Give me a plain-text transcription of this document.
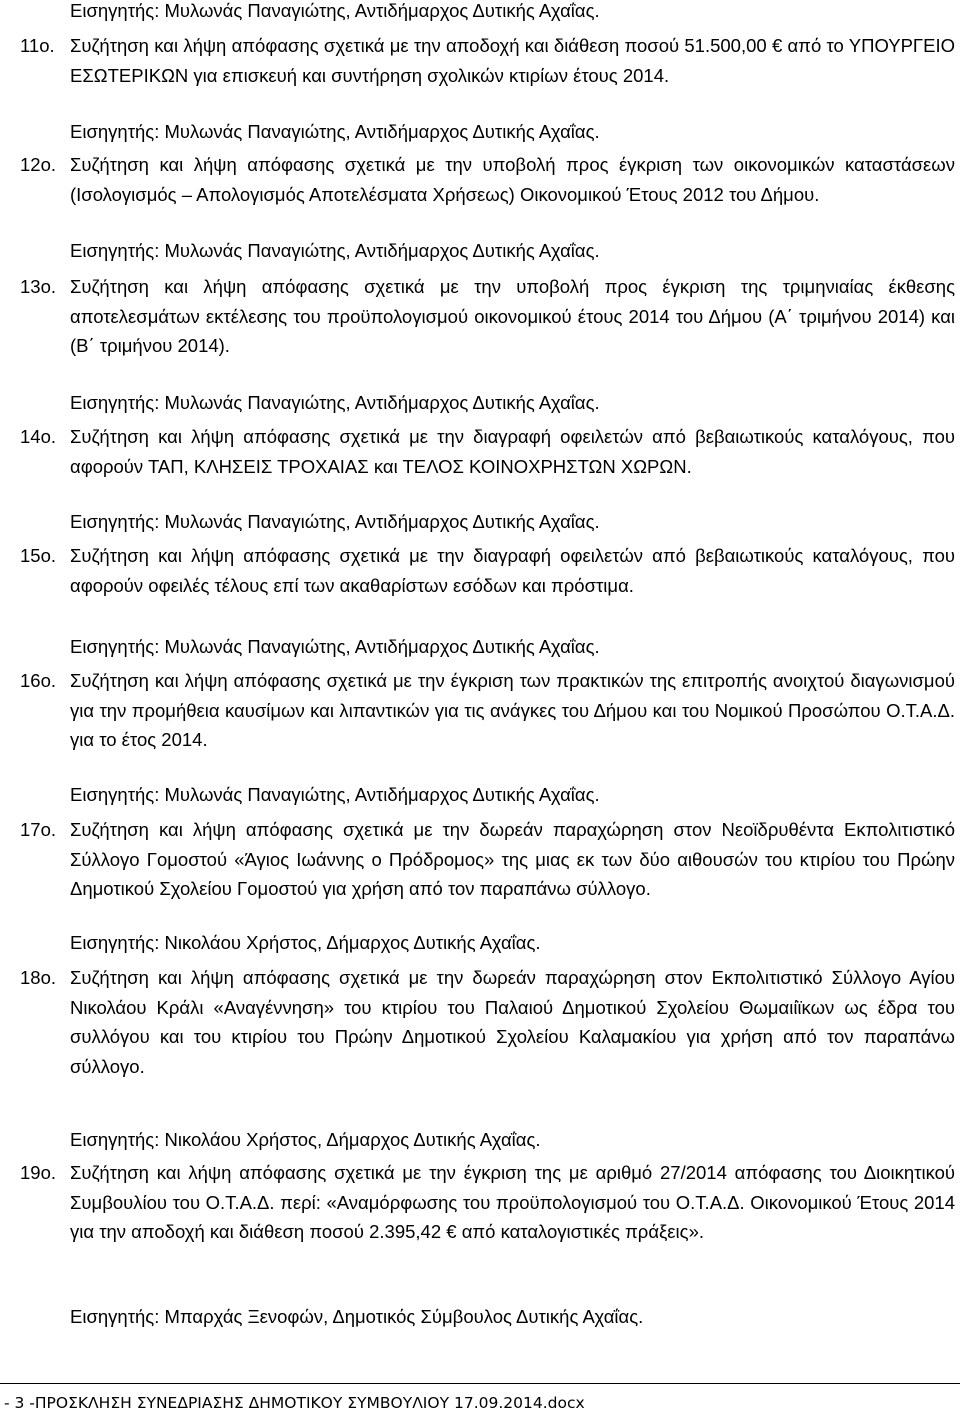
Εισηγητής: Μυλωνάς Παναγιώτης, Αντιδήμαρχος Δυτικής Αχαΐας.
11ο. Συζήτηση και λήψη απόφασης σχετικά με την αποδοχή και διάθεση ποσού 51.500,00 € από το ΥΠΟΥΡΓΕΙΟ ΕΣΩΤΕΡΙΚΩΝ για επισκευή και συντήρηση σχολικών κτιρίων έτους 2014.
Εισηγητής: Μυλωνάς Παναγιώτης, Αντιδήμαρχος Δυτικής Αχαΐας.
12ο. Συζήτηση και λήψη απόφασης σχετικά με την υποβολή προς έγκριση των οικονομικών καταστάσεων (Ισολογισμός – Απολογισμός Αποτελέσματα Χρήσεως) Οικονομικού Έτους 2012 του Δήμου.
Εισηγητής: Μυλωνάς Παναγιώτης, Αντιδήμαρχος Δυτικής Αχαΐας.
13ο. Συζήτηση και λήψη απόφασης σχετικά με την υποβολή προς έγκριση της τριμηνιαίας έκθεσης αποτελεσμάτων εκτέλεσης του προϋπολογισμού οικονομικού έτους 2014 του Δήμου (Α΄ τριμήνου 2014) και (Β΄ τριμήνου 2014).
Εισηγητής: Μυλωνάς Παναγιώτης, Αντιδήμαρχος Δυτικής Αχαΐας.
14ο. Συζήτηση και λήψη απόφασης σχετικά με την διαγραφή οφειλετών από βεβαιωτικούς καταλόγους, που αφορούν ΤΑΠ, ΚΛΗΣΕΙΣ ΤΡΟΧΑΙΑΣ και ΤΕΛΟΣ ΚΟΙΝΟΧΡΗΣΤΩΝ ΧΩΡΩΝ.
Εισηγητής: Μυλωνάς Παναγιώτης, Αντιδήμαρχος Δυτικής Αχαΐας.
15ο. Συζήτηση και λήψη απόφασης σχετικά με την διαγραφή οφειλετών από βεβαιωτικούς καταλόγους, που αφορούν οφειλές τέλους επί των ακαθαρίστων εσόδων και πρόστιμα.
Εισηγητής: Μυλωνάς Παναγιώτης, Αντιδήμαρχος Δυτικής Αχαΐας.
16ο. Συζήτηση και λήψη απόφασης σχετικά με την έγκριση των πρακτικών της επιτροπής ανοιχτού διαγωνισμού για την προμήθεια καυσίμων και λιπαντικών για τις ανάγκες του Δήμου και του Νομικού Προσώπου Ο.Τ.Α.Δ. για το έτος 2014.
Εισηγητής: Μυλωνάς Παναγιώτης, Αντιδήμαρχος Δυτικής Αχαΐας.
17ο. Συζήτηση και λήψη απόφασης σχετικά με την δωρεάν παραχώρηση στον Νεοϊδρυθέντα Εκπολιτιστικό Σύλλογο Γομοστού «Άγιος Ιωάννης ο Πρόδρομος» της μιας εκ των δύο αιθουσών του κτιρίου του Πρώην Δημοτικού Σχολείου Γομοστού για χρήση από τον παραπάνω σύλλογο.
Εισηγητής: Νικολάου Χρήστος, Δήμαρχος Δυτικής Αχαΐας.
18ο. Συζήτηση και λήψη απόφασης σχετικά με την δωρεάν παραχώρηση στον Εκπολιτιστικό Σύλλογο Αγίου Νικολάου Κράλι «Αναγέννηση» του κτιρίου του Παλαιού Δημοτικού Σχολείου Θωμαιίϊκων ως έδρα του συλλόγου και του κτιρίου του Πρώην Δημοτικού Σχολείου Καλαμακίου για χρήση από τον παραπάνω σύλλογο.
Εισηγητής: Νικολάου Χρήστος, Δήμαρχος Δυτικής Αχαΐας.
19ο. Συζήτηση και λήψη απόφασης σχετικά με την έγκριση της με αριθμό 27/2014 απόφασης του Διοικητικού Συμβουλίου του Ο.Τ.Α.Δ. περί: «Αναμόρφωσης του προϋπολογισμού του Ο.Τ.Α.Δ. Οικονομικού Έτους 2014 για την αποδοχή και διάθεση ποσού 2.395,42 € από καταλογιστικές πράξεις».
Εισηγητής: Μπαρχάς Ξενοφών, Δημοτικός Σύμβουλος Δυτικής Αχαΐας.
- 3 -ΠΡΟΣΚΛΗΣΗ ΣΥΝΕΔΡΙΑΣΗΣ ΔΗΜΟΤΙΚΟΥ ΣΥΜΒΟΥΛΙΟΥ 17.09.2014.docx
